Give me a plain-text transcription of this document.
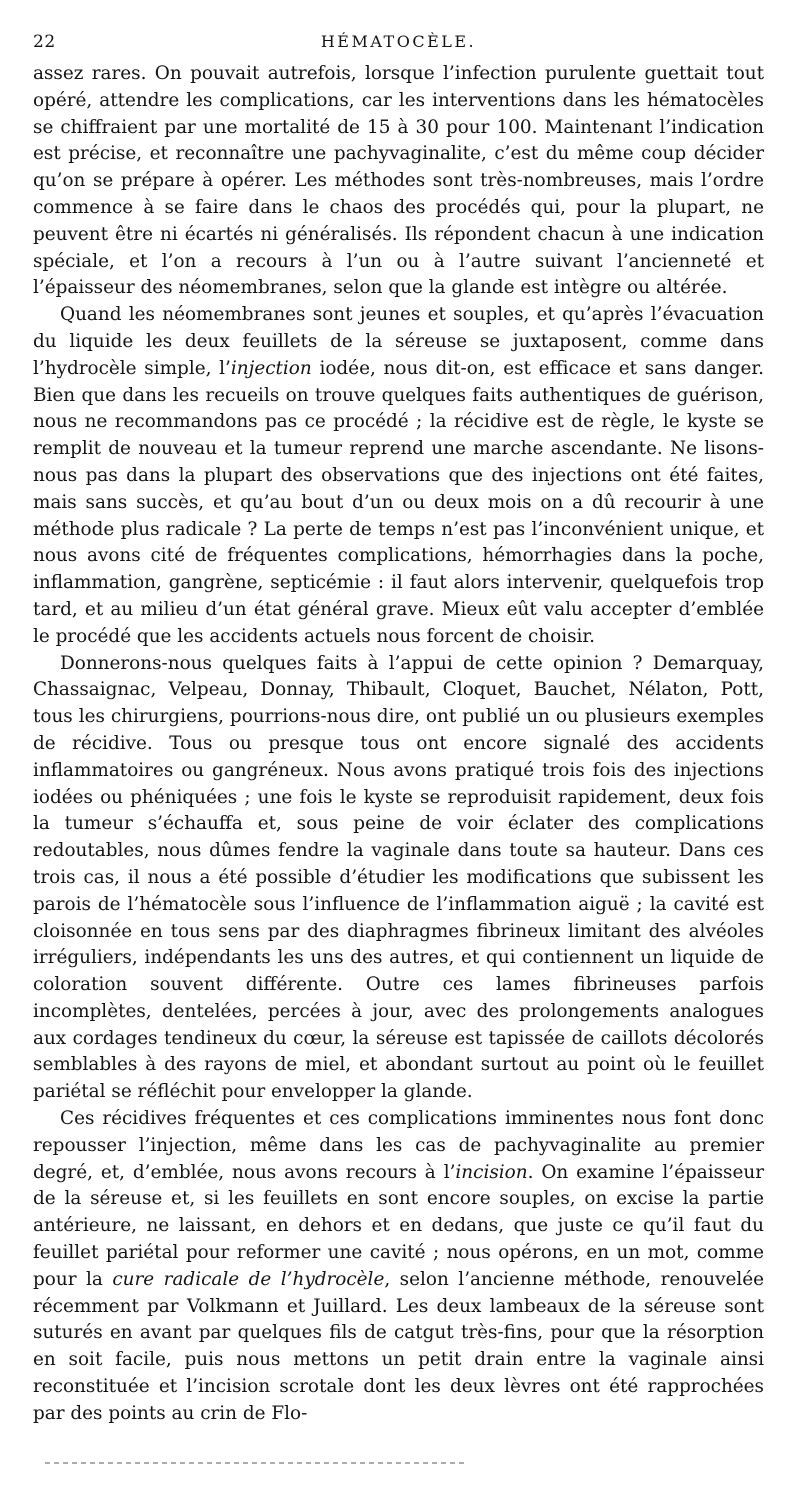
22	HÉMATOCÈLE.

assez rares. On pouvait autrefois, lorsque l’infection purulente guettait tout opéré, attendre les complications, car les interventions dans les hématocèles se chiffraient par une mortalité de 15 à 30 pour 100. Maintenant l’indication est précise, et reconnaître une pachyvaginalite, c’est du même coup décider qu’on se prépare à opérer. Les méthodes sont très-nombreuses, mais l’ordre commence à se faire dans le chaos des procédés qui, pour la plupart, ne peuvent être ni écartés ni généralisés. Ils répondent chacun à une indication spéciale, et l’on a recours à l’un ou à l’autre suivant l’ancienneté et l’épaisseur des néomembranes, selon que la glande est intègre ou altérée.

Quand les néomembranes sont jeunes et souples, et qu’après l’évacuation du liquide les deux feuillets de la séreuse se juxtaposent, comme dans l’hydrocèle simple, l’injection iodée, nous dit-on, est efficace et sans danger. Bien que dans les recueils on trouve quelques faits authentiques de guérison, nous ne recommandons pas ce procédé ; la récidive est de règle, le kyste se remplit de nouveau et la tumeur reprend une marche ascendante. Ne lisons-nous pas dans la plupart des observations que des injections ont été faites, mais sans succès, et qu’au bout d’un ou deux mois on a dû recourir à une méthode plus radicale ? La perte de temps n’est pas l’inconvénient unique, et nous avons cité de fréquentes complications, hémorrhagies dans la poche, inflammation, gangrène, septicémie : il faut alors intervenir, quelquefois trop tard, et au milieu d’un état général grave. Mieux eût valu accepter d’emblée le procédé que les accidents actuels nous forcent de choisir.

Donnerons-nous quelques faits à l’appui de cette opinion ? Demarquay, Chassaignac, Velpeau, Donnay, Thibault, Cloquet, Bauchet, Nélaton, Pott, tous les chirurgiens, pourrions-nous dire, ont publié un ou plusieurs exemples de récidive. Tous ou presque tous ont encore signalé des accidents inflammatoires ou gangréneux. Nous avons pratiqué trois fois des injections iodées ou phéniquées ; une fois le kyste se reproduisit rapidement, deux fois la tumeur s’échauffa et, sous peine de voir éclater des complications redoutables, nous dûmes fendre la vaginale dans toute sa hauteur. Dans ces trois cas, il nous a été possible d’étudier les modifications que subissent les parois de l’hématocèle sous l’influence de l’inflammation aiguë ; la cavité est cloisonnée en tous sens par des diaphragmes fibrineux limitant des alvéoles irréguliers, indépendants les uns des autres, et qui contiennent un liquide de coloration souvent différente. Outre ces lames fibrineuses parfois incomplètes, dentelées, percées à jour, avec des prolongements analogues aux cordages tendineux du cœur, la séreuse est tapissée de caillots décolorés semblables à des rayons de miel, et abondant surtout au point où le feuillet pariétal se réfléchit pour envelopper la glande.

Ces récidives fréquentes et ces complications imminentes nous font donc repousser l’injection, même dans les cas de pachyvaginalite au premier degré, et, d’emblée, nous avons recours à l’incision. On examine l’épaisseur de la séreuse et, si les feuillets en sont encore souples, on excise la partie antérieure, ne laissant, en dehors et en dedans, que juste ce qu’il faut du feuillet pariétal pour reformer une cavité ; nous opérons, en un mot, comme pour la cure radicale de l’hydrocèle, selon l’ancienne méthode, renouvelée récemment par Volkmann et Juillard. Les deux lambeaux de la séreuse sont suturés en avant par quelques fils de catgut très-fins, pour que la résorption en soit facile, puis nous mettons un petit drain entre la vaginale ainsi reconstituée et l’incision scrotale dont les deux lèvres ont été rapprochées par des points au crin de Flo-
